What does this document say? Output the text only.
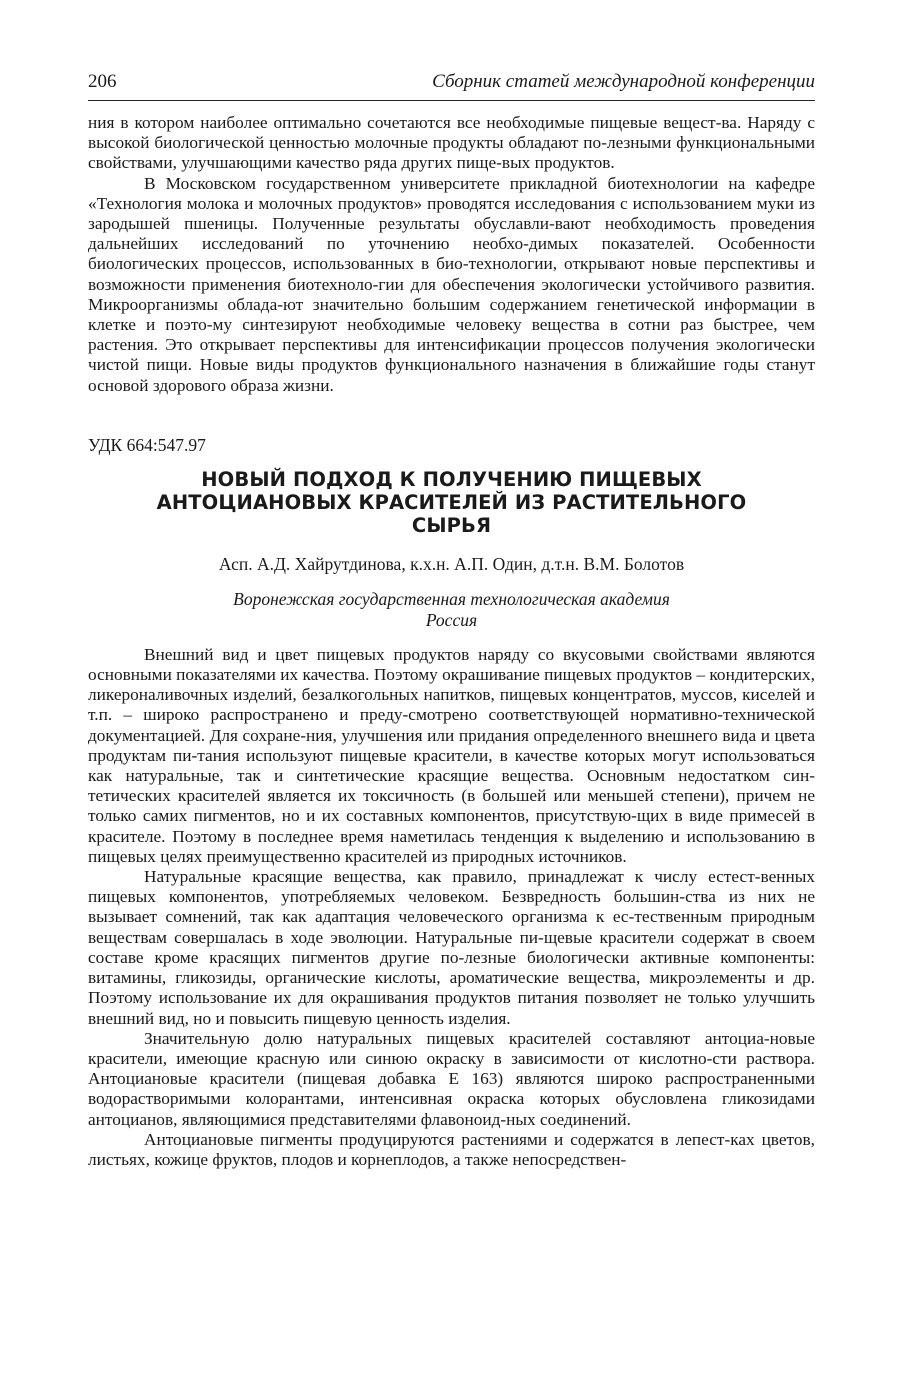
206	Сборник статей международной конференции

ния в котором наиболее оптимально сочетаются все необходимые пищевые вещест-ва. Наряду с высокой биологической ценностью молочные продукты обладают по-лезными функциональными свойствами, улучшающими качество ряда других пище-вых продуктов.

В Московском государственном университете прикладной биотехнологии на кафедре «Технология молока и молочных продуктов» проводятся исследования с использованием муки из зародышей пшеницы. Полученные результаты обуславли-вают необходимость проведения дальнейших исследований по уточнению необхо-димых показателей. Особенности биологических процессов, использованных в био-технологии, открывают новые перспективы и возможности применения биотехноло-гии для обеспечения экологически устойчивого развития. Микроорганизмы облада-ют значительно большим содержанием генетической информации в клетке и поэто-му синтезируют необходимые человеку вещества в сотни раз быстрее, чем растения. Это открывает перспективы для интенсификации процессов получения экологически чистой пищи. Новые виды продуктов функционального назначения в ближайшие годы станут основой здорового образа жизни.

УДК 664:547.97
НОВЫЙ ПОДХОД К ПОЛУЧЕНИЮ ПИЩЕВЫХ
АНТОЦИАНОВЫХ КРАСИТЕЛЕЙ ИЗ РАСТИТЕЛЬНОГО
СЫРЬЯ
Асп. А.Д. Хайрутдинова, к.х.н. А.П. Один, д.т.н. В.М. Болотов
Воронежская государственная технологическая академия
Россия

Внешний вид и цвет пищевых продуктов наряду со вкусовыми свойствами являются основными показателями их качества. Поэтому окрашивание пищевых продуктов – кондитерских, ликероналивочных изделий, безалкогольных напитков, пищевых концентратов, муссов, киселей и т.п. – широко распространено и преду-смотрено соответствующей нормативно-технической документацией. Для сохране-ния, улучшения или придания определенного внешнего вида и цвета продуктам пи-тания используют пищевые красители, в качестве которых могут использоваться как натуральные, так и синтетические красящие вещества. Основным недостатком син-тетических красителей является их токсичность (в большей или меньшей степени), причем не только самих пигментов, но и их составных компонентов, присутствую-щих в виде примесей в красителе. Поэтому в последнее время наметилась тенденция к выделению и использованию в пищевых целях преимущественно красителей из природных источников.

Натуральные красящие вещества, как правило, принадлежат к числу естест-венных пищевых компонентов, употребляемых человеком. Безвредность большин-ства из них не вызывает сомнений, так как адаптация человеческого организма к ес-тественным природным веществам совершалась в ходе эволюции. Натуральные пи-щевые красители содержат в своем составе кроме красящих пигментов другие по-лезные биологически активные компоненты: витамины, гликозиды, органические кислоты, ароматические вещества, микроэлементы и др. Поэтому использование их для окрашивания продуктов питания позволяет не только улучшить внешний вид, но и повысить пищевую ценность изделия.

Значительную долю натуральных пищевых красителей составляют антоциа-новые красители, имеющие красную или синюю окраску в зависимости от кислотно-сти раствора. Антоциановые красители (пищевая добавка Е 163) являются широко распространенными водорастворимыми колорантами, интенсивная окраска которых обусловлена гликозидами антоцианов, являющимися представителями флавоноид-ных соединений.

Антоциановые пигменты продуцируются растениями и содержатся в лепест-ках цветов, листьях, кожице фруктов, плодов и корнеплодов, а также непосредствен-
